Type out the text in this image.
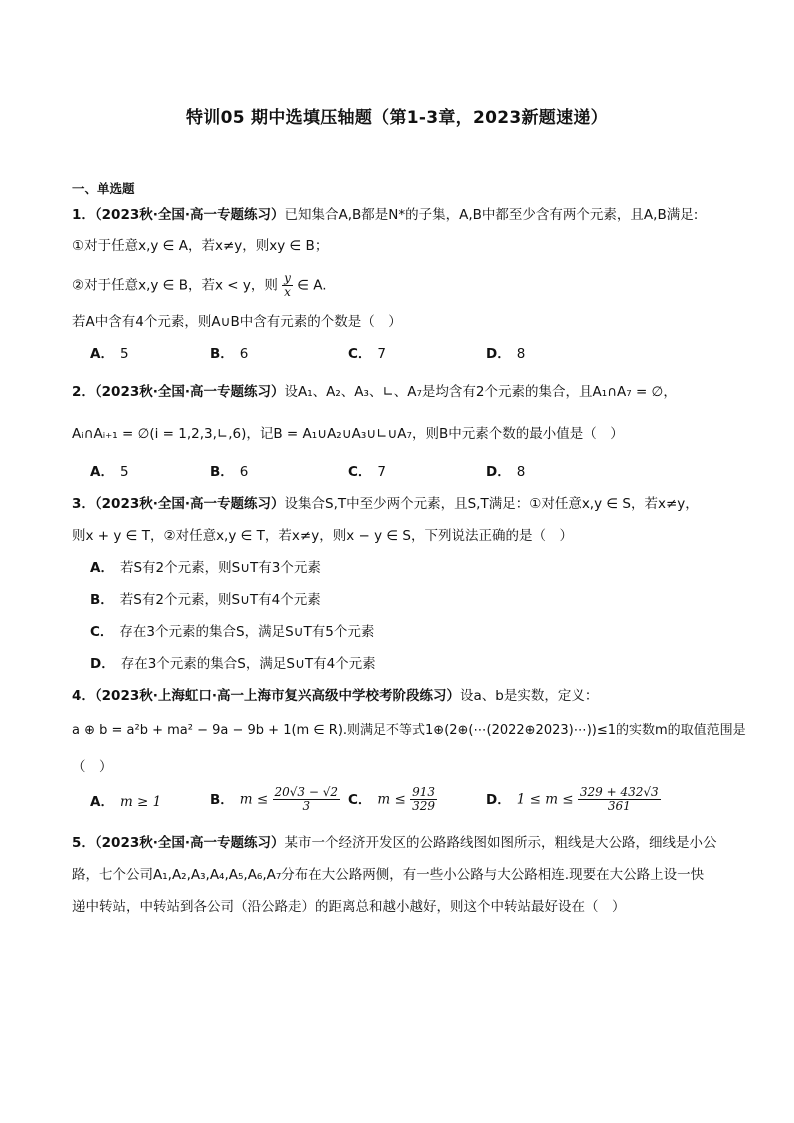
特训05 期中选填压轴题（第1-3章，2023新题速递）
一、单选题
1．（2023秋·全国·高一专题练习）已知集合A,B都是N*的子集，A,B中都至少含有两个元素，且A,B满足:
①对于任意x,y ∈ A，若x≠y，则xy ∈ B；
②对于任意x,y ∈ B，若x < y，则 $\frac{y}{x}$ ∈ A.
若A中含有4个元素，则A∪B中含有元素的个数是（　）
A． 5	B． 6	C． 7	D． 8
2．（2023秋·全国·高一专题练习）设A₁、A₂、A₃、∟、A₇是均含有2个元素的集合，且A₁∩A₇ = ∅，
Aᵢ∩Aᵢ₊₁ = ∅(i = 1,2,3,∟,6)，记B = A₁∪A₂∪A₃∪∟∪A₇，则B中元素个数的最小值是（　）
A． 5	B． 6	C． 7	D． 8
3．（2023秋·全国·高一专题练习）设集合S,T中至少两个元素，且S,T满足：①对任意x,y ∈ S，若x≠y，
则x + y ∈ T，②对任意x,y ∈ T，若x≠y，则x − y ∈ S，下列说法正确的是（　）
A． 若S有2个元素，则S∪T有3个元素
B． 若S有2个元素，则S∪T有4个元素
C． 存在3个元素的集合S，满足S∪T有5个元素
D． 存在3个元素的集合S，满足S∪T有4个元素
4．（2023秋·上海虹口·高一上海市复兴高级中学校考阶段练习）设a、b是实数，定义：
a ⊕ b = a²b + ma² − 9a − 9b + 1(m ∈ R).则满足不等式1⊕(2⊕(⋯(2022⊕2023)⋯))≤1的实数m的取值范围是
（　）
A． m ≥ 1	B． $m \le \frac{20√3 - √2}{3}$ C． $m \le \frac{913}{329}$	D． $1 \le m \le \frac{329 + 432√3}{361}$
5．（2023秋·全国·高一专题练习）某市一个经济开发区的公路路线图如图所示，粗线是大公路，细线是小公
路，七个公司A₁,A₂,A₃,A₄,A₅,A₆,A₇分布在大公路两侧，有一些小公路与大公路相连.现要在大公路上设一快
递中转站，中转站到各公司（沿公路走）的距离总和越小越好，则这个中转站最好设在（　）
